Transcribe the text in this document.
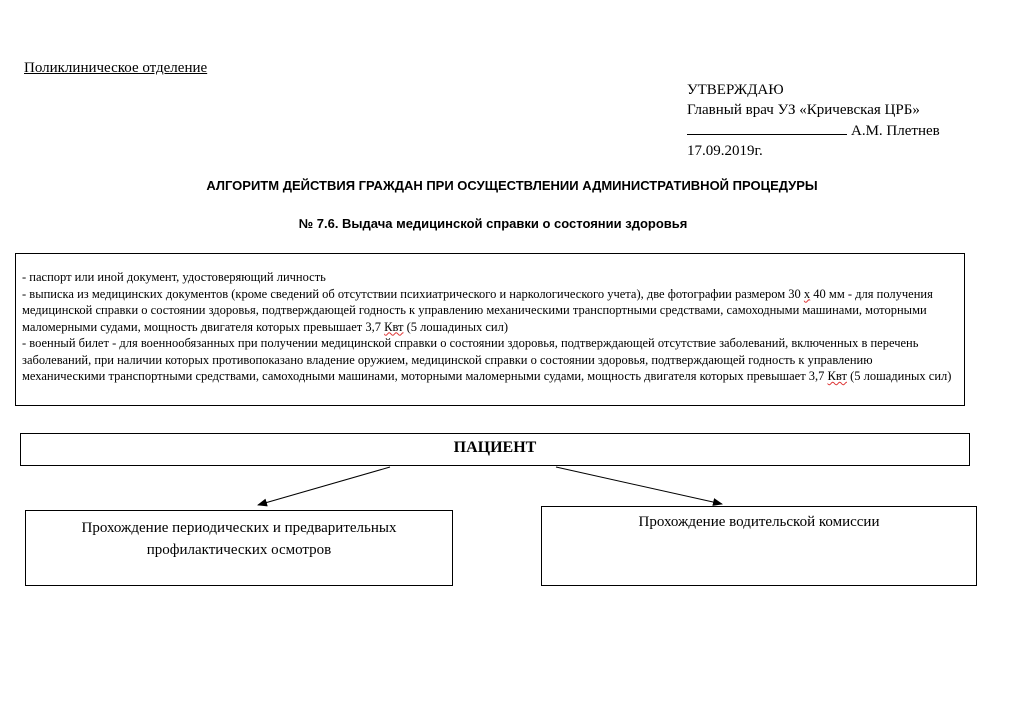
Поликлиническое отделение
УТВЕРЖДАЮ
Главный врач УЗ «Кричевская ЦРБ»
А.М. Плетнев
17.09.2019г.
АЛГОРИТМ ДЕЙСТВИЯ ГРАЖДАН ПРИ ОСУЩЕСТВЛЕНИИ АДМИНИСТРАТИВНОЙ ПРОЦЕДУРЫ
№ 7.6. Выдача медицинской справки о состоянии здоровья
- паспорт или иной документ, удостоверяющий личность
- выписка из медицинских документов (кроме сведений об отсутствии психиатрического и наркологического учета), две фотографии размером 30 х 40 мм - для получения медицинской справки о состоянии здоровья, подтверждающей годность к управлению механическими транспортными средствами, самоходными машинами, моторными маломерными судами, мощность двигателя которых превышает 3,7 Квт (5 лошадиных сил)
- военный билет - для военнообязанных при получении медицинской справки о состоянии здоровья, подтверждающей отсутствие заболеваний, включенных в перечень заболеваний, при наличии которых противопоказано владение оружием, медицинской справки о состоянии здоровья, подтверждающей годность к управлению механическими транспортными средствами, самоходными машинами, моторными маломерными судами, мощность двигателя которых превышает 3,7 Квт (5 лошадиных сил)
ПАЦИЕНТ
Прохождение периодических и предварительных профилактических осмотров
Прохождение водительской комиссии
